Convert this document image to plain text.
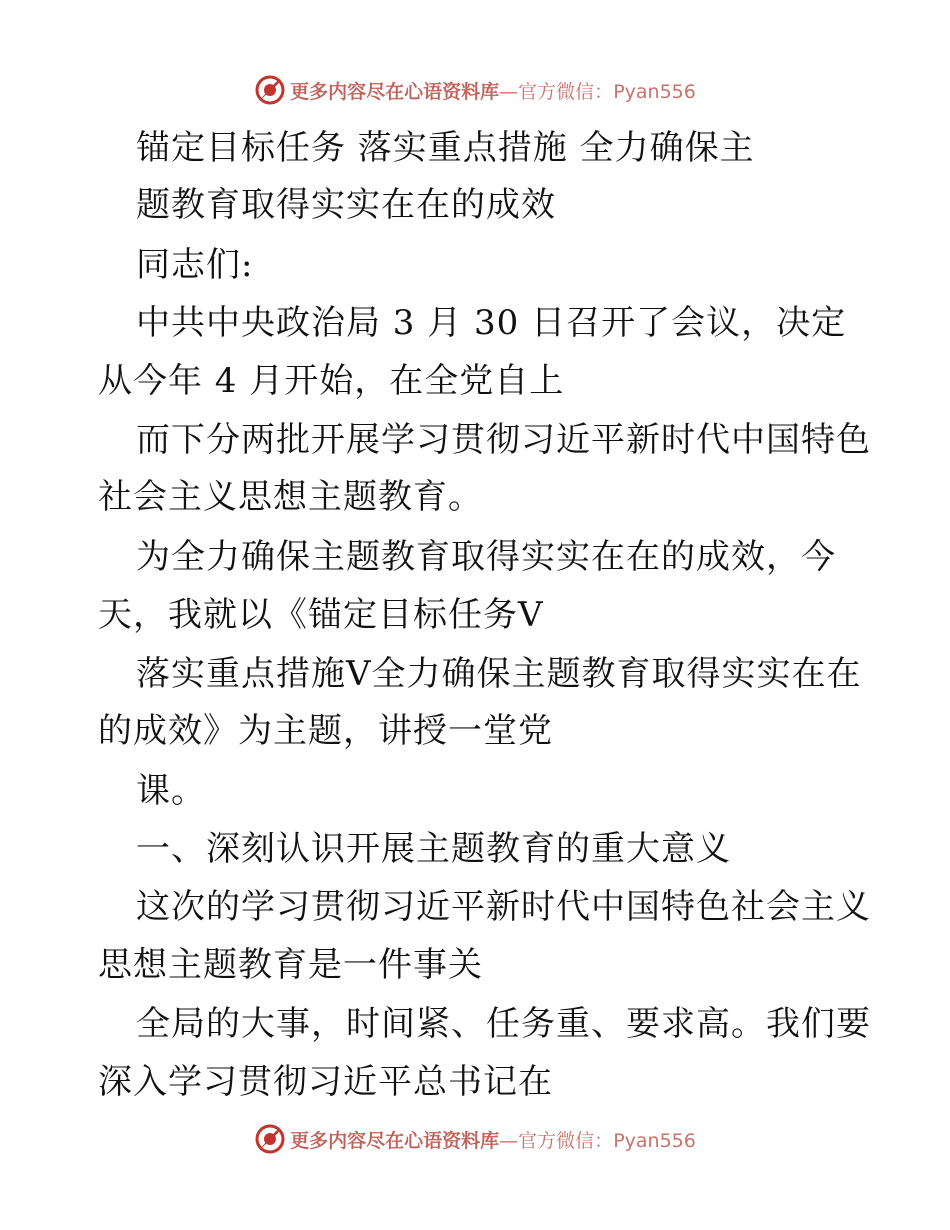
更多内容尽在心语资料库—官方微信：Pyan556
锚定目标任务 落实重点措施 全力确保主
题教育取得实实在在的成效
同志们:
中共中央政治局 3 月 30 日召开了会议，决定
从今年 4 月开始，在全党自上
而下分两批开展学习贯彻习近平新时代中国特色
社会主义思想主题教育。
为全力确保主题教育取得实实在在的成效，今
天，我就以《锚定目标任务V
落实重点措施V全力确保主题教育取得实实在在
的成效》为主题，讲授一堂党
课。
一、深刻认识开展主题教育的重大意义
这次的学习贯彻习近平新时代中国特色社会主义
思想主题教育是一件事关
全局的大事，时间紧、任务重、要求高。我们要
深入学习贯彻习近平总书记在
更多内容尽在心语资料库—官方微信：Pyan556
